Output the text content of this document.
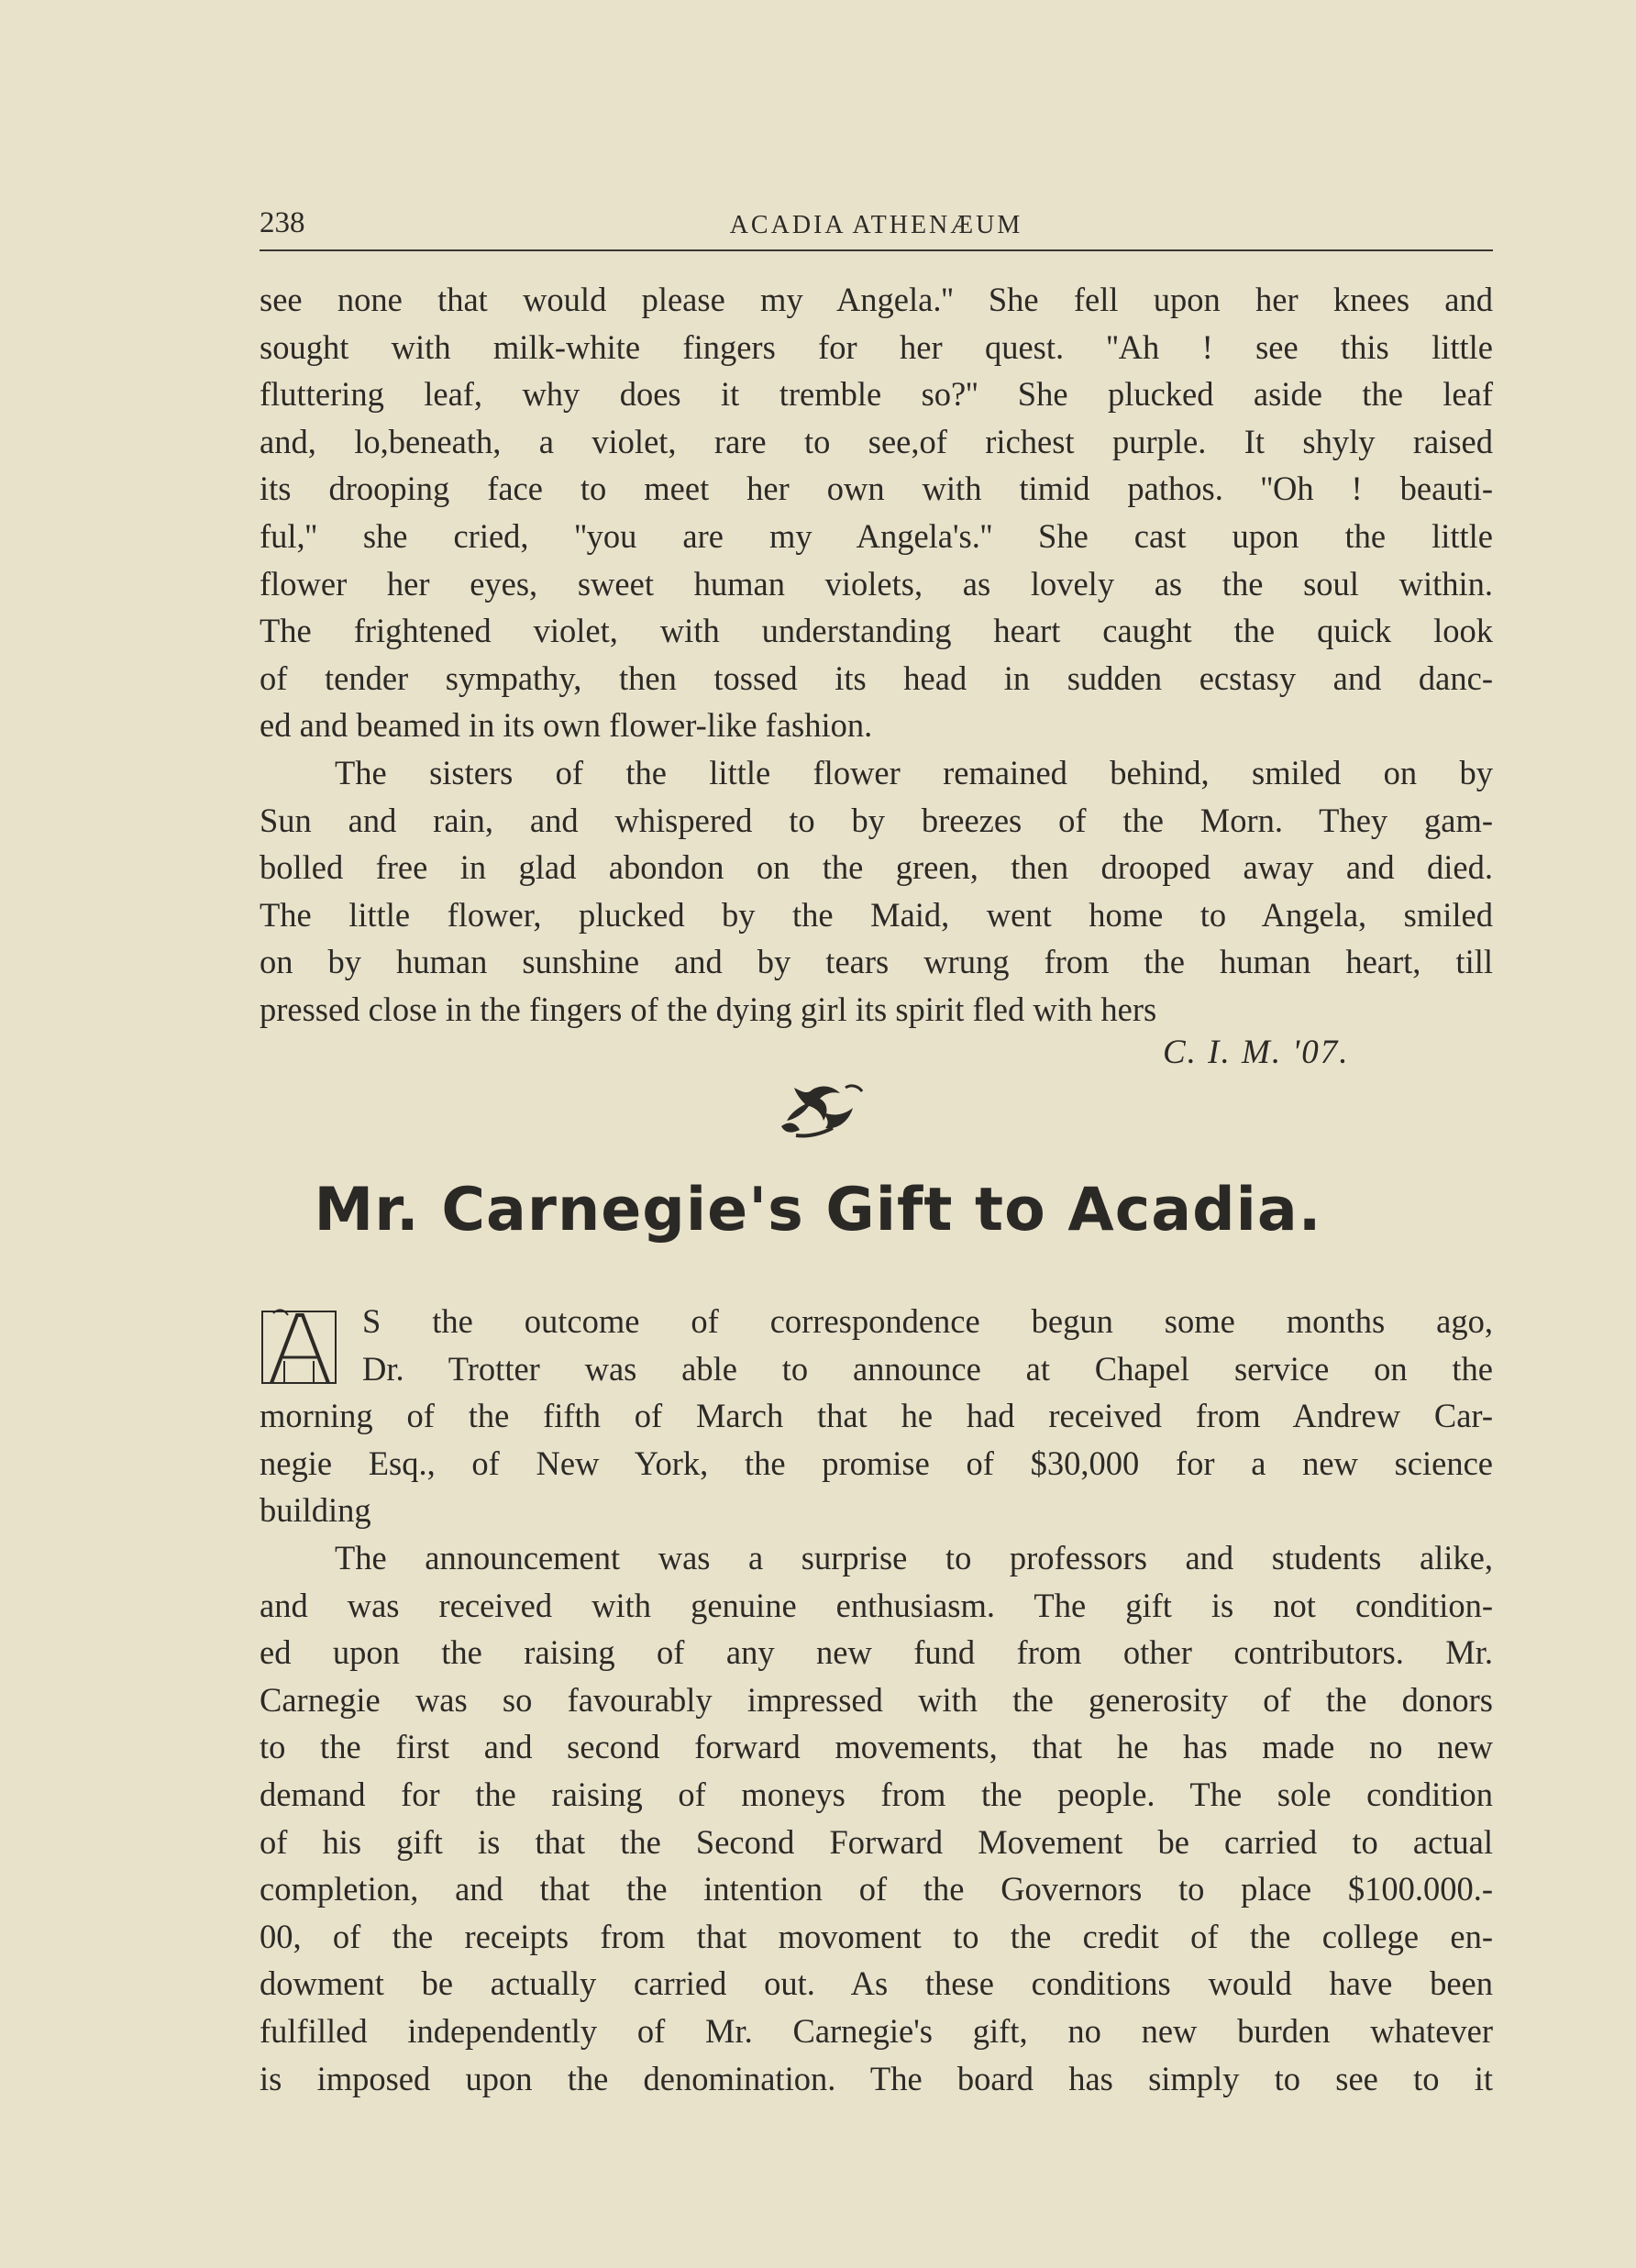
238	ACADIA ATHENÆUM
see none that would please my Angela.'' She fell upon her knees and
sought with milk-white fingers for her quest. ''Ah ! see this little
fluttering leaf, why does it tremble so?'' She plucked aside the leaf
and, lo,beneath, a violet, rare to see,of richest purple. It shyly raised
its drooping face to meet her own with timid pathos. ''Oh ! beauti-
ful,'' she cried, ''you are my Angela's.'' She cast upon the little
flower her eyes, sweet human violets, as lovely as the soul within.
The frightened violet, with understanding heart caught the quick look
of tender sympathy, then tossed its head in sudden ecstasy and danc-
ed and beamed in its own flower-like fashion.
The sisters of the little flower remained behind, smiled on by
Sun and rain, and whispered to by breezes of the Morn. They gam-
bolled free in glad abondon on the green, then drooped away and died.
The little flower, plucked by the Maid, went home to Angela, smiled
on by human sunshine and by tears wrung from the human heart, till
pressed close in the fingers of the dying girl its spirit fled with hers
C. I. M. '07.
Mr. Carnegie's Gift to Acadia.
A
S the outcome of correspondence begun some months ago,
Dr. Trotter was able to announce at Chapel service on the
morning of the fifth of March that he had received from Andrew Car-
negie Esq., of New York, the promise of $30,000 for a new science
building
The announcement was a surprise to professors and students alike,
and was received with genuine enthusiasm. The gift is not condition-
ed upon the raising of any new fund from other contributors. Mr.
Carnegie was so favourably impressed with the generosity of the donors
to the first and second forward movements, that he has made no new
demand for the raising of moneys from the people. The sole condition
of his gift is that the Second Forward Movement be carried to actual
completion, and that the intention of the Governors to place $100.000.-
00, of the receipts from that movoment to the credit of the college en-
dowment be actually carried out. As these conditions would have been
fulfilled independently of Mr. Carnegie's gift, no new burden whatever
is imposed upon the denomination. The board has simply to see to it
